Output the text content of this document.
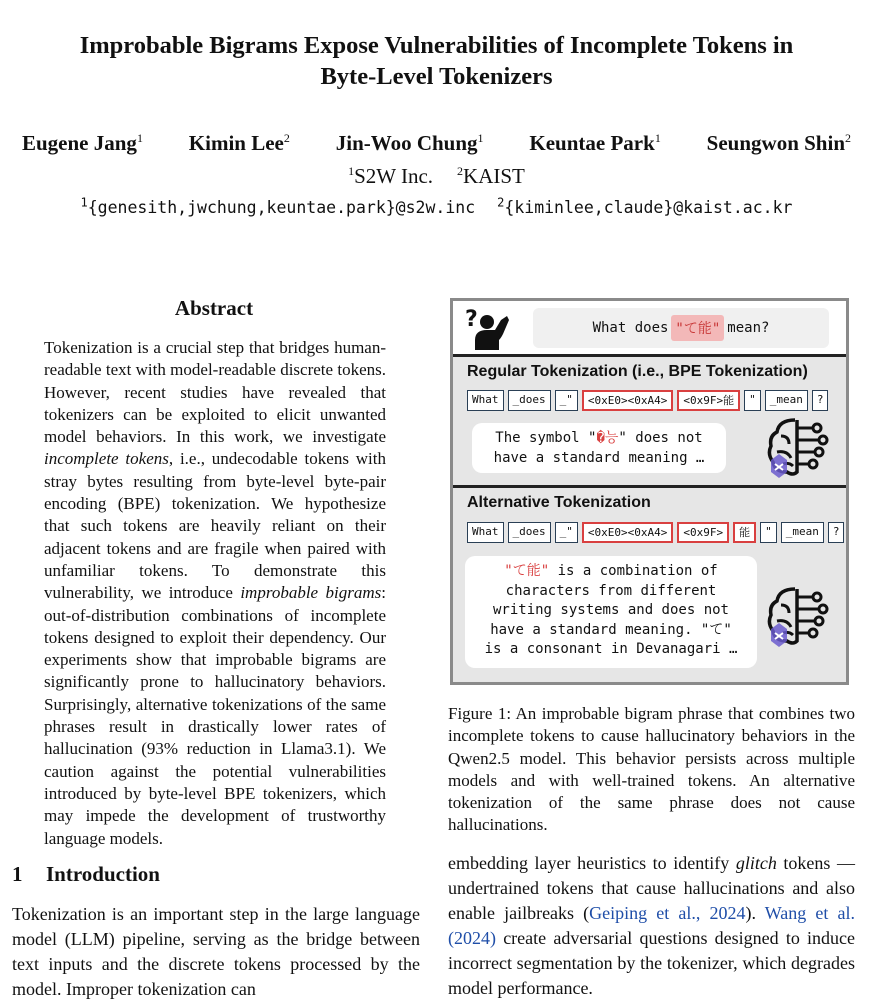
Improbable Bigrams Expose Vulnerabilities of Incomplete Tokens in
Byte-Level Tokenizers
Eugene Jang$^1$ Kimin Lee$^2$ Jin-Woo Chung$^1$ Keuntae Park$^1$ Seungwon Shin$^2$
$^1$S2W Inc. $^2$KAIST
$^1${genesith,jwchung,keuntae.park}@s2w.inc $^2${kiminlee,claude}@kaist.ac.kr
Abstract
Tokenization is a crucial step that bridges human-readable text with model-readable discrete tokens. However, recent studies have revealed that tokenizers can be exploited to elicit unwanted model behaviors. In this work, we investigate incomplete tokens, i.e., undecodable tokens with stray bytes resulting from byte-level byte-pair encoding (BPE) tokenization. We hypothesize that such tokens are heavily reliant on their adjacent tokens and are fragile when paired with unfamiliar tokens. To demonstrate this vulnerability, we introduce improbable bigrams: out-of-distribution combinations of incomplete tokens designed to exploit their dependency. Our experiments show that improbable bigrams are significantly prone to hallucinatory behaviors. Surprisingly, alternative tokenizations of the same phrases result in drastically lower rates of hallucination (93% reduction in Llama3.1). We caution against the potential vulnerabilities introduced by byte-level BPE tokenizers, which may impede the development of trustworthy language models.
1 Introduction
Tokenization is an important step in the large language model (LLM) pipeline, serving as the bridge between text inputs and the discrete tokens processed by the model. Improper tokenization can
?	What does "て能" mean?
Regular Tokenization (i.e., BPE Tokenization)
What	_does	_"	<0xE0><0xA4>	<0x9F>能	"	_mean	?
The symbol "�능" does not
have a standard meaning …
Alternative Tokenization
What	_does	_"	<0xE0><0xA4>	<0x9F>	能	"	_mean	?
"て能" is a combination of
characters from different
writing systems and does not
have a standard meaning. "て"
is a consonant in Devanagari …
Figure 1: An improbable bigram phrase that combines two incomplete tokens to cause hallucinatory behaviors in the Qwen2.5 model. This behavior persists across multiple models and with well-trained tokens. An alternative tokenization of the same phrase does not cause hallucinations.
embedding layer heuristics to identify glitch tokens — undertrained tokens that cause hallucinations and also enable jailbreaks (Geiping et al., 2024). Wang et al. (2024) create adversarial questions designed to induce incorrect segmentation by the tokenizer, which degrades model performance.
